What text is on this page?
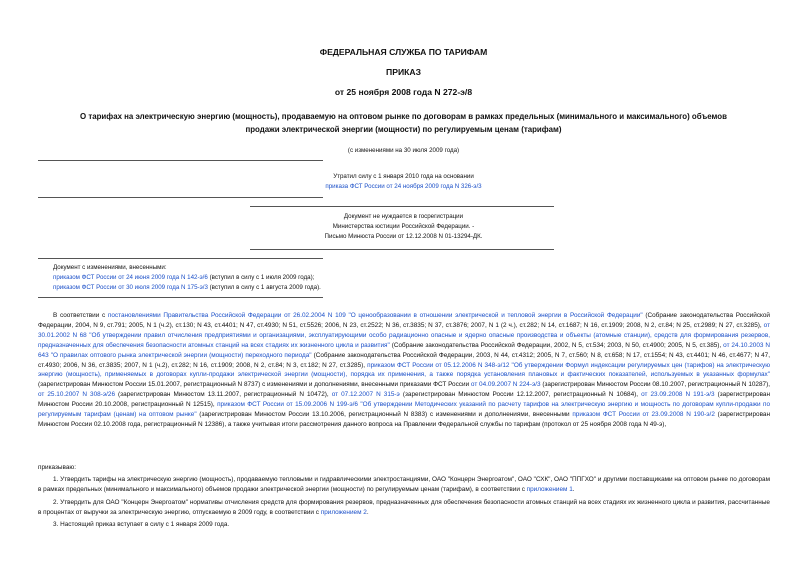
ФЕДЕРАЛЬНАЯ СЛУЖБА ПО ТАРИФАМ
ПРИКАЗ
от 25 ноября 2008 года N 272-э/8
О тарифах на электрическую энергию (мощность), продаваемую на оптовом рынке по договорам в рамках предельных (минимального и максимального) объемов
продажи электрической энергии (мощности) по регулируемым ценам (тарифам)
(с изменениями на 30 июля 2009 года)
Утратил силу с 1 января 2010 года на основании
приказа ФСТ России от 24 ноября 2009 года N 326-э/3
Документ не нуждается в госрегистрации
Министерства юстиции Российской Федерации. -
Письмо Минюста России от 12.12.2008 N 01-13294-ДК.
Документ с изменениями, внесенными:
приказом ФСТ России от 24 июня 2009 года N 142-э/6 (вступил в силу с 1 июля 2009 года);
приказом ФСТ России от 30 июля 2009 года N 175-э/3 (вступил в силу с 1 августа 2009 года).
В соответствии с постановлениями Правительства Российской Федерации от 26.02.2004 N 109 "О ценообразовании в отношении электрической и тепловой энергии в Российской Федерации" (Собрание законодательства Российской Федерации, 2004, N 9, ст.791; 2005, N 1 (ч.2), ст.130; N 43, ст.4401; N 47, ст.4930; N 51, ст.5526; 2006, N 23, ст.2522; N 36, ст.3835; N 37, ст.3876; 2007, N 1 (2 ч.), ст.282; N 14, ст.1687; N 16, ст.1909; 2008, N 2, ст.84; N 25, ст.2989; N 27, ст.3285), от 30.01.2002 N 68 "Об утверждении правил отчисления предприятиями и организациями, эксплуатирующими особо радиационно опасные и ядерно опасные производства и объекты (атомные станции), средств для формирования резервов, предназначенных для обеспечения безопасности атомных станций на всех стадиях их жизненного цикла и развития" (Собрание законодательства Российской Федерации, 2002, N 5, ст.534; 2003, N 50, ст.4900; 2005, N 5, ст.385), от 24.10.2003 N 643 "О правилах оптового рынка электрической энергии (мощности) переходного периода" (Собрание законодательства Российской Федерации, 2003, N 44, ст.4312; 2005, N 7, ст.560; N 8, ст.658; N 17, ст.1554; N 43, ст.4401; N 46, ст.4677; N 47, ст.4930; 2006, N 36, ст.3835; 2007, N 1 (ч.2), ст.282; N 16, ст.1909; 2008, N 2, ст.84; N 3, ст.182; N 27, ст.3285), приказом ФСТ России от 05.12.2006 N 348-э/12 "Об утверждении Формул индексации регулируемых цен (тарифов) на электрическую энергию (мощность), применяемых в договорах купли-продажи электрической энергии (мощности), порядка их применения, а также порядка установления плановых и фактических показателей, используемых в указанных формулах" (зарегистрирован Минюстом России 15.01.2007, регистрационный N 8737) с изменениями и дополнениями, внесенными приказами ФСТ России от 04.09.2007 N 224-э/3 (зарегистрирован Минюстом России 08.10.2007, регистрационный N 10287), от 25.10.2007 N 308-э/26 (зарегистрирован Минюстом 13.11.2007, регистрационный N 10472), от 07.12.2007 N 315-э (зарегистрирован Минюстом России 12.12.2007, регистрационный N 10684), от 23.09.2008 N 191-э/3 (зарегистрирован Минюстом России 20.10.2008, регистрационный N 12515), приказом ФСТ России от 15.09.2006 N 199-э/6 "Об утверждении Методических указаний по расчету тарифов на электрическую энергию и мощность по договорам купли-продажи по регулируемым тарифам (ценам) на оптовом рынке" (зарегистрирован Минюстом России 13.10.2006, регистрационный N 8383) с изменениями и дополнениями, внесенными приказом ФСТ России от 23.09.2008 N 190-э/2 (зарегистрирован Минюстом России 02.10.2008 года, регистрационный N 12386), а также учитывая итоги рассмотрения данного вопроса на Правлении Федеральной службы по тарифам (протокол от 25 ноября 2008 года N 49-э),
приказываю:
1. Утвердить тарифы на электрическую энергию (мощность), продаваемую тепловыми и гидравлическими электростанциями, ОАО "Концерн Энергоатом", ОАО "СХК", ОАО "ППГХО" и другими поставщиками на оптовом рынке по договорам в рамках предельных (минимального и максимального) объемов продажи электрической энергии (мощности) по регулируемым ценам (тарифам), в соответствии с приложением 1.
2. Утвердить для ОАО "Концерн Энергоатом" нормативы отчисления средств для формирования резервов, предназначенных для обеспечения безопасности атомных станций на всех стадиях их жизненного цикла и развития, рассчитанные в процентах от выручки за электрическую энергию, отпускаемую в 2009 году, в соответствии с приложением 2.
3. Настоящий приказ вступает в силу с 1 января 2009 года.
